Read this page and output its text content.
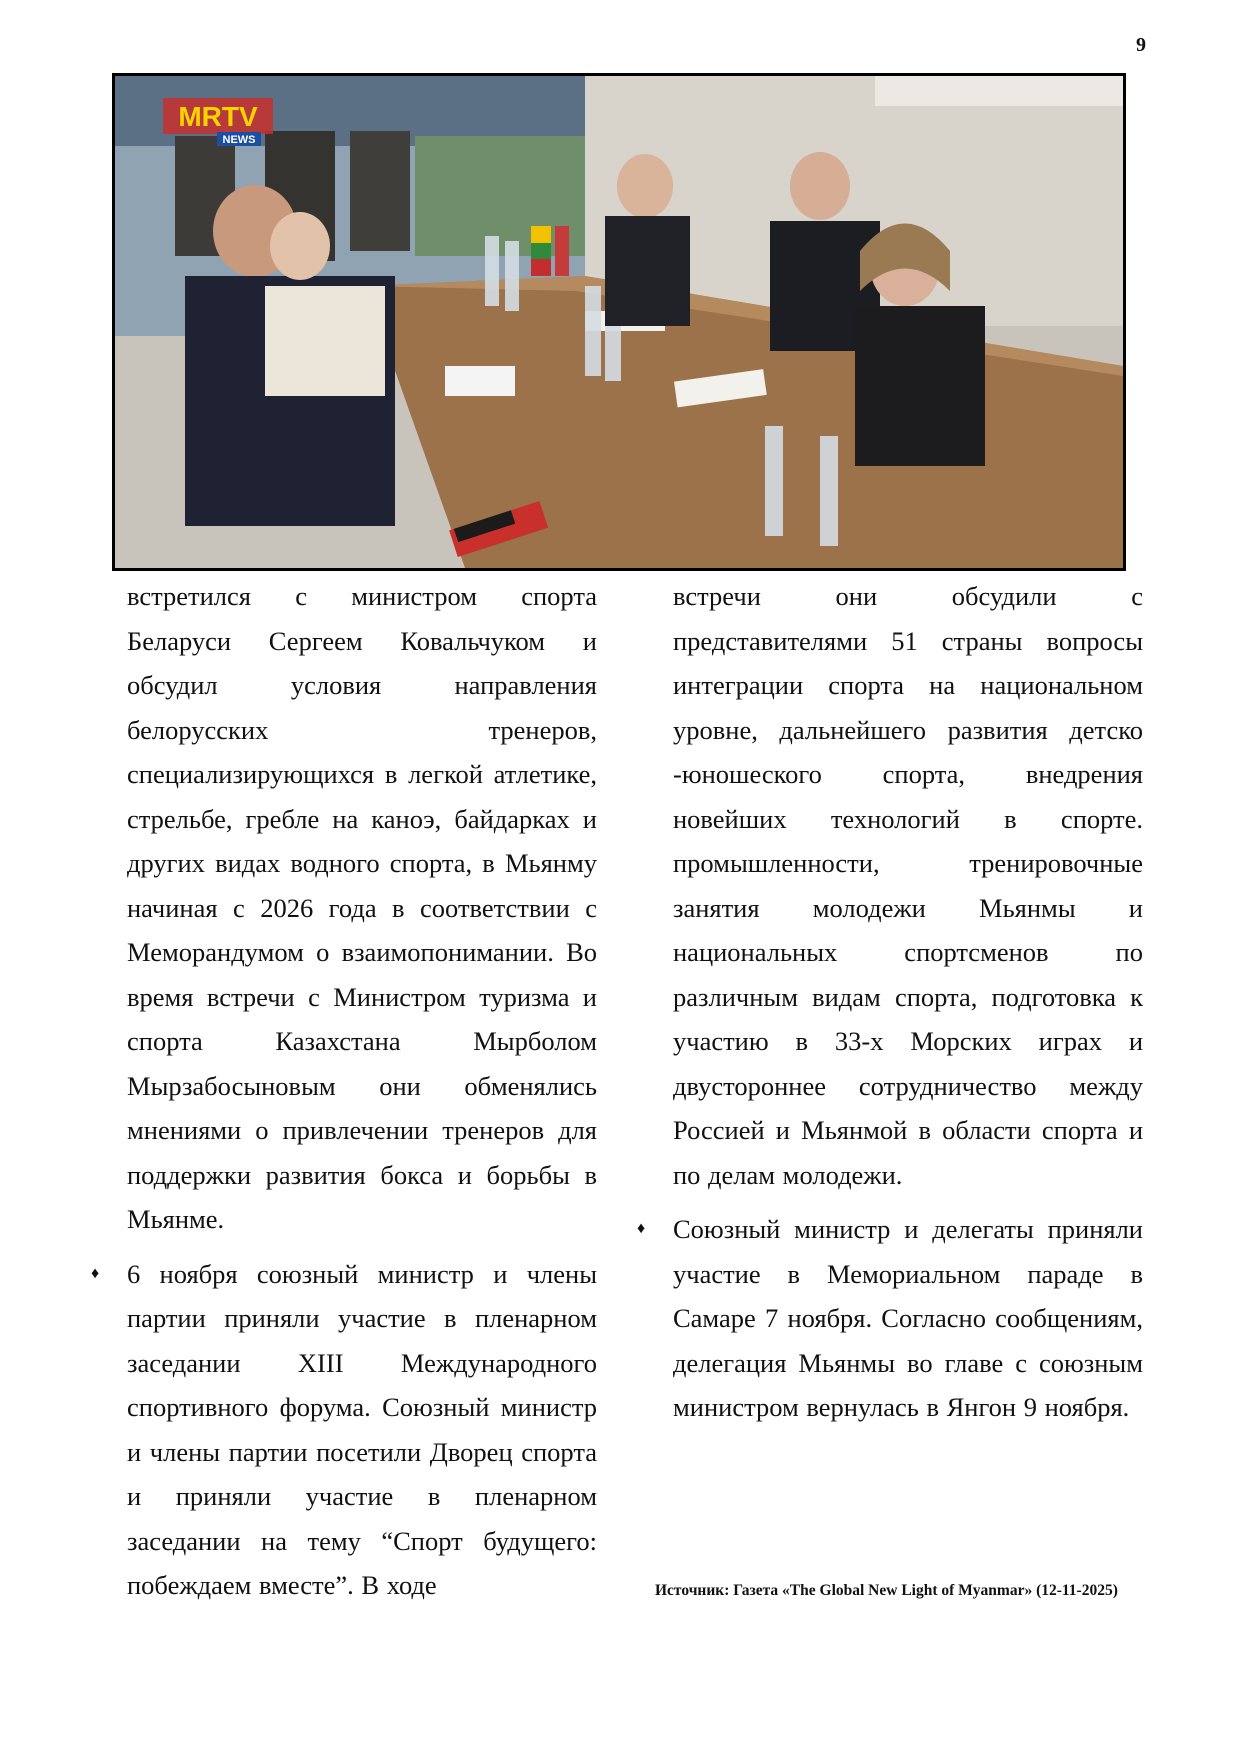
9
MRTV
NEWS

встретился с министром спорта Беларуси Сергеем Ковальчуком и обсудил условия направления белорусских тренеров, специализирующихся в легкой атлетике, стрельбе, гребле на каноэ, байдарках и других видах водного спорта, в Мьянму начиная с 2026 года в соответствии с Меморандумом о взаимопонимании. Во время встречи с Министром туризма и спорта Казахстана Мырболом Мырзабосыновым они обменялись мнениями о привлечении тренеров для поддержки развития бокса и борьбы в Мьянме.

♦ 6 ноября союзный министр и члены партии приняли участие в пленарном заседании XIII Международного спортивного форума. Союзный министр и члены партии посетили Дворец спорта и приняли участие в пленарном заседании на тему “Спорт будущего: побеждаем вместе”. В ходе

встречи они обсудили с представителями 51 страны вопросы интеграции спорта на национальном уровне, дальнейшего развития детско -юношеского спорта, внедрения новейших технологий в спорте. промышленности, тренировочные занятия молодежи Мьянмы и национальных спортсменов по различным видам спорта, подготовка к участию в 33-х Морских играх и двустороннее сотрудничество между Россией и Мьянмой в области спорта и по делам молодежи.

♦ Союзный министр и делегаты приняли участие в Мемориальном параде в Самаре 7 ноября. Согласно сообщениям, делегация Мьянмы во главе с союзным министром вернулась в Янгон 9 ноября.

Источник: Газета «The Global New Light of Myanmar» (12-11-2025)
